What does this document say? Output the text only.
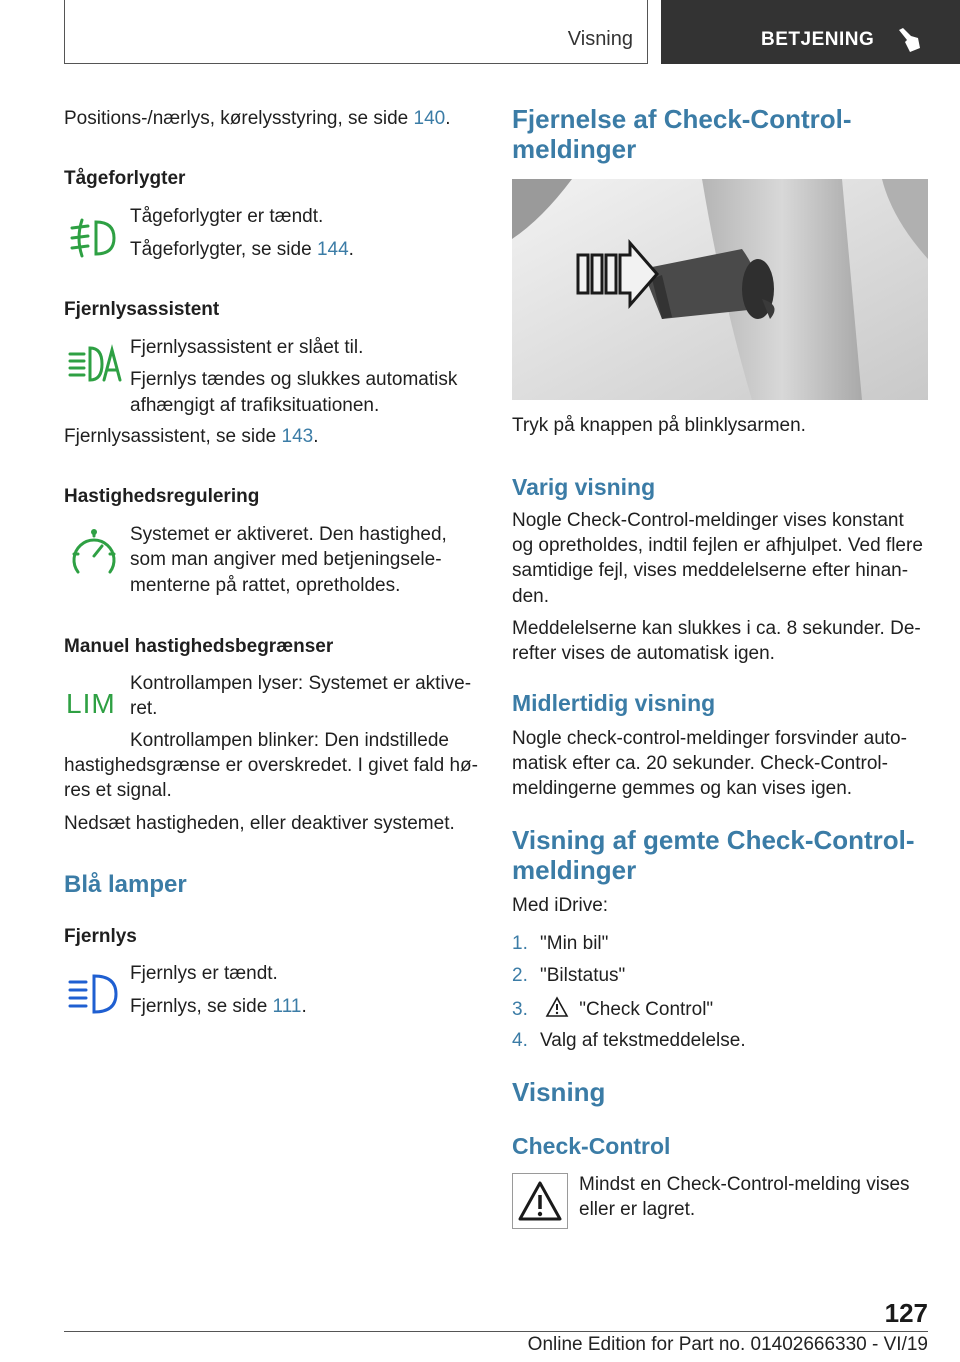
Visning	BETJENING

Positions-/nærlys, kørelysstyring, se side 140.

Tågeforlygter

Tågeforlygter er tændt.

Tågeforlygter, se side 144.

Fjernlysassistent

Fjernlysassistent er slået til.

Fjernlys tændes og slukkes automatisk

afhængigt af trafiksituationen.

Fjernlysassistent, se side 143.

Hastighedsregulering

Systemet er aktiveret. Den hastighed,

som man angiver med betjeningsele-

menterne på rattet, opretholdes.

Manuel hastighedsbegrænser
LIM

Kontrollampen lyser: Systemet er aktive-

ret.

Kontrollampen blinker: Den indstillede

hastighedsgrænse er overskredet. I givet fald hø-

res et signal.

Nedsæt hastigheden, eller deaktiver systemet.

Blå lamper
Fjernlys

Fjernlys er tændt.

Fjernlys, se side 111.

Fjernelse af Check-Control-
meldinger

Tryk på knappen på blinklysarmen.

Varig visning

Nogle Check-Control-meldinger vises konstant

og opretholdes, indtil fejlen er afhjulpet. Ved flere

samtidige fejl, vises meddelelserne efter hinan-

den.

Meddelelserne kan slukkes i ca. 8 sekunder. De-

refter vises de automatisk igen.

Midlertidig visning

Nogle check-control-meldinger forsvinder auto-

matisk efter ca. 20 sekunder. Check-Control-

meldingerne gemmes og kan vises igen.

Visning af gemte Check-Control-
meldinger

Med iDrive:

1. "Min bil"
2. "Bilstatus"
3.	"Check Control"
4. Valg af tekstmeddelelse.
Visning
Check-Control

Mindst en Check-Control-melding vises

eller er lagret.

127
Online Edition for Part no. 01402666330 - VI/19
